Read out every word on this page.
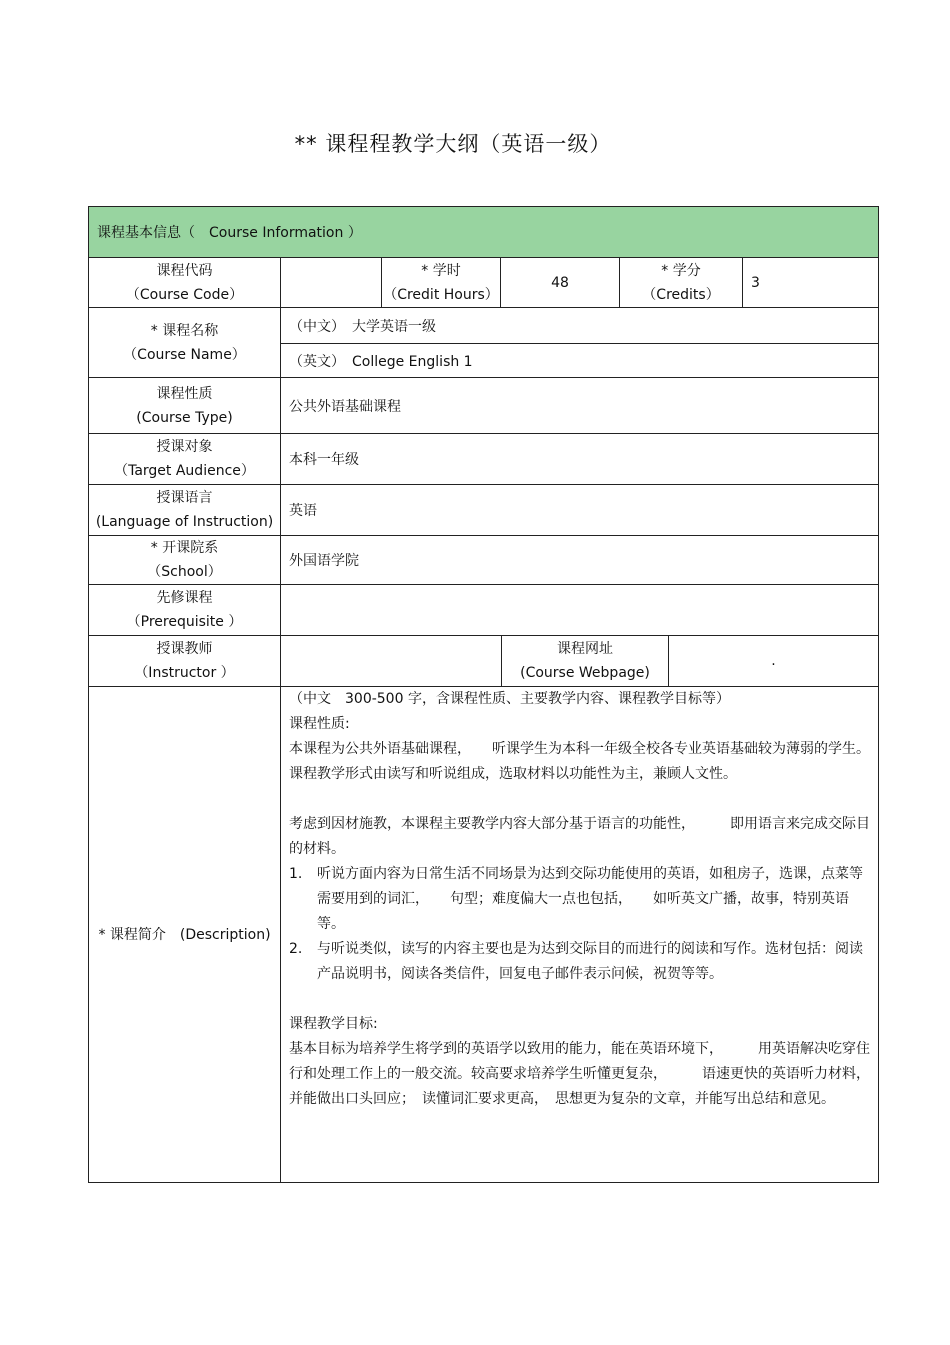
** 课程程教学大纲（英语一级）
课程基本信息（　Course Information ）
课程代码
（Course Code）
* 学时
（Credit Hours）
48
* 学分
（Credits）
3
* 课程名称
（Course Name）
（中文）　大学英语一级
（英文）　College English 1
课程性质
(Course Type)
公共外语基础课程
授课对象
（Target Audience）
本科一年级
授课语言
(Language of Instruction)
英语
* 开课院系
（School）
外国语学院
先修课程
（Prerequisite ）
授课教师
（Instructor ）
课程网址
(Course Webpage)
.
* 课程简介　(Description)

（中文　300-500 字，含课程性质、主要教学内容、课程教学目标等）

课程性质:

本课程为公共外语基础课程，　　听课学生为本科一年级全校各专业英语基础较为薄弱的学生。课程教学形式由读写和听说组成，选取材料以功能性为主，兼顾人文性。

考虑到因材施教，本课程主要教学内容大部分基于语言的功能性，　　　即用语言来完成交际目的材料。

1.	听说方面内容为日常生活不同场景为达到交际功能使用的英语，如租房子，选课，点菜等需要用到的词汇，　　句型；难度偏大一点也包括，　　如听英文广播，故事，特别英语等。
2.	与听说类似，读写的内容主要也是为达到交际目的而进行的阅读和写作。选材包括：阅读产品说明书，阅读各类信件，回复电子邮件表示问候，祝贺等等。

课程教学目标:

基本目标为培养学生将学到的英语学以致用的能力，能在英语环境下，　　　用英语解决吃穿住行和处理工作上的一般交流。较高要求培养学生听懂更复杂，　　　语速更快的英语听力材料，　并能做出口头回应；　读懂词汇要求更高，　思想更为复杂的文章，并能写出总结和意见。
